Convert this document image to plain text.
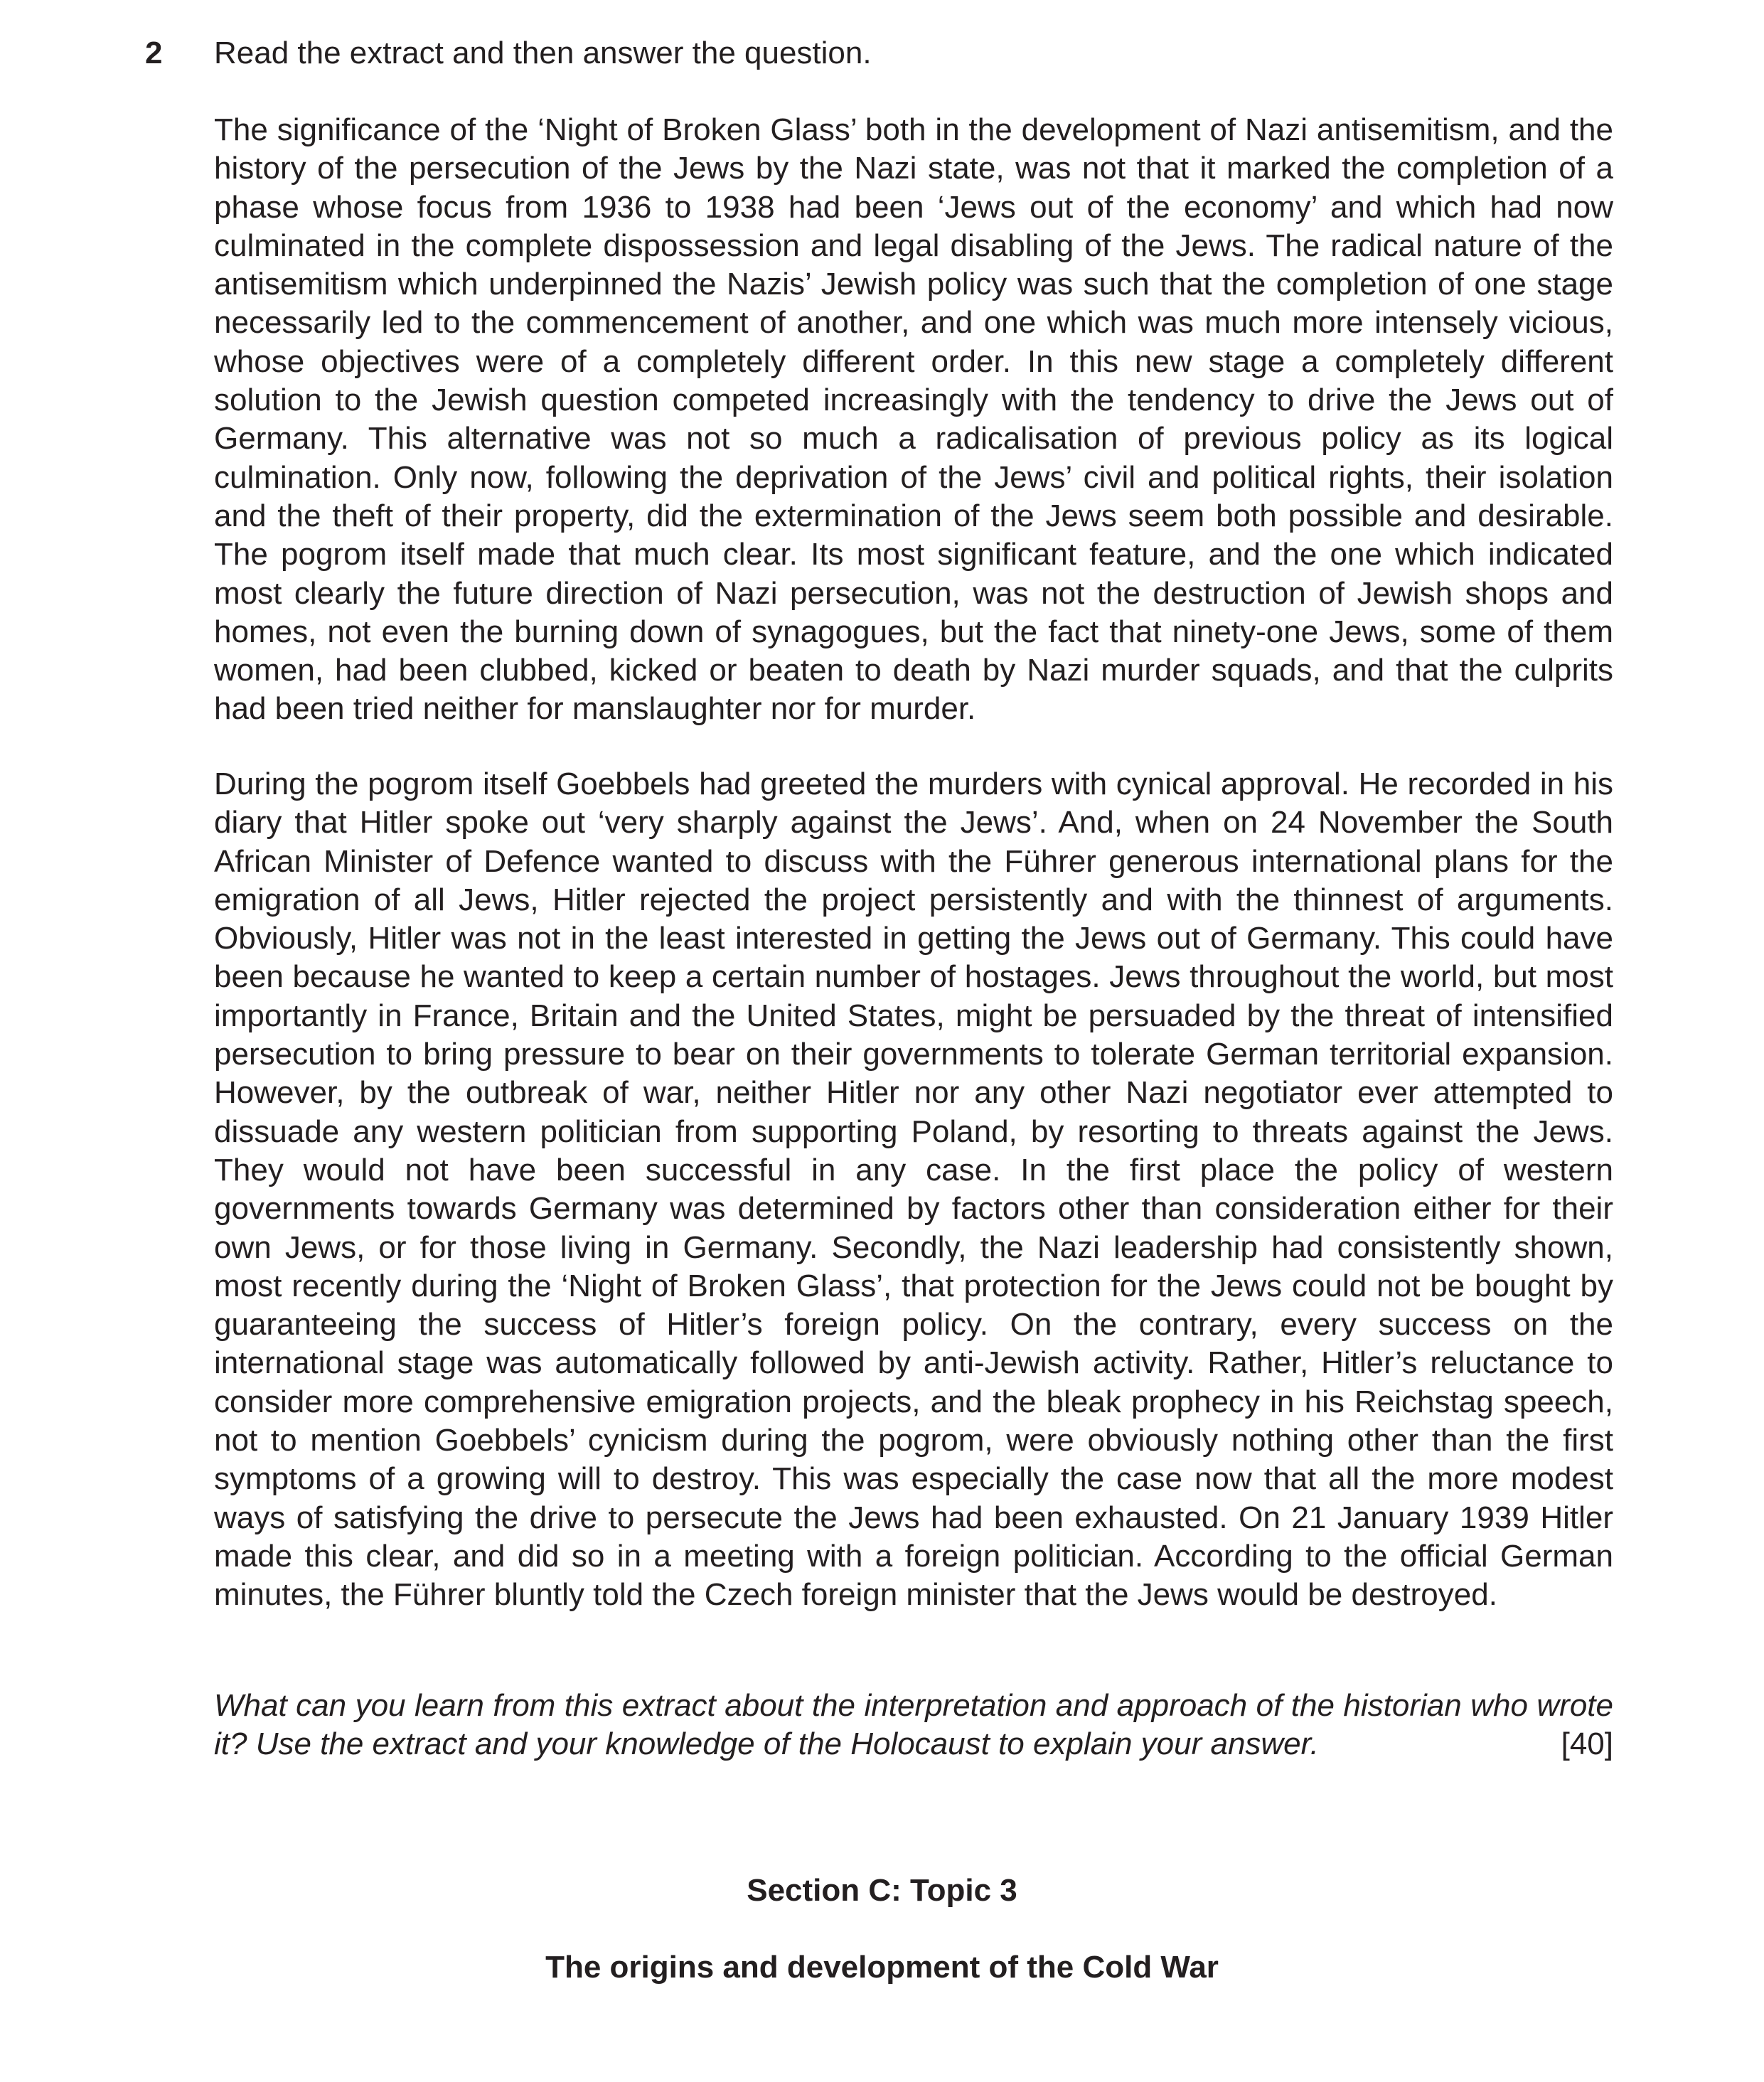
2 Read the extract and then answer the question.

The significance of the ‘Night of Broken Glass’ both in the development of Nazi antisemitism, and the history of the persecution of the Jews by the Nazi state, was not that it marked the completion of a phase whose focus from 1936 to 1938 had been ‘Jews out of the economy’ and which had now culminated in the complete dispossession and legal disabling of the Jews. The radical nature of the antisemitism which underpinned the Nazis’ Jewish policy was such that the completion of one stage necessarily led to the commencement of another, and one which was much more intensely vicious, whose objectives were of a completely different order. In this new stage a completely different solution to the Jewish question competed increasingly with the tendency to drive the Jews out of Germany. This alternative was not so much a radicalisation of previous policy as its logical culmination. Only now, following the deprivation of the Jews’ civil and political rights, their isolation and the theft of their property, did the extermination of the Jews seem both possible and desirable. The pogrom itself made that much clear. Its most significant feature, and the one which indicated most clearly the future direction of Nazi persecution, was not the destruction of Jewish shops and homes, not even the burning down of synagogues, but the fact that ninety-one Jews, some of them women, had been clubbed, kicked or beaten to death by Nazi murder squads, and that the culprits had been tried neither for manslaughter nor for murder.

During the pogrom itself Goebbels had greeted the murders with cynical approval. He recorded in his diary that Hitler spoke out ‘very sharply against the Jews’. And, when on 24 November the South African Minister of Defence wanted to discuss with the Führer generous international plans for the emigration of all Jews, Hitler rejected the project persistently and with the thinnest of arguments. Obviously, Hitler was not in the least interested in getting the Jews out of Germany. This could have been because he wanted to keep a certain number of hostages. Jews throughout the world, but most importantly in France, Britain and the United States, might be persuaded by the threat of intensified persecution to bring pressure to bear on their governments to tolerate German territorial expansion. However, by the outbreak of war, neither Hitler nor any other Nazi negotiator ever attempted to dissuade any western politician from supporting Poland, by resorting to threats against the Jews. They would not have been successful in any case. In the first place the policy of western governments towards Germany was determined by factors other than consideration either for their own Jews, or for those living in Germany. Secondly, the Nazi leadership had consistently shown, most recently during the ‘Night of Broken Glass’, that protection for the Jews could not be bought by guaranteeing the success of Hitler’s foreign policy. On the contrary, every success on the international stage was automatically followed by anti-Jewish activity. Rather, Hitler’s reluctance to consider more comprehensive emigration projects, and the bleak prophecy in his Reichstag speech, not to mention Goebbels’ cynicism during the pogrom, were obviously nothing other than the first symptoms of a growing will to destroy. This was especially the case now that all the more modest ways of satisfying the drive to persecute the Jews had been exhausted. On 21 January 1939 Hitler made this clear, and did so in a meeting with a foreign politician. According to the official German minutes, the Führer bluntly told the Czech foreign minister that the Jews would be destroyed.

What can you learn from this extract about the interpretation and approach of the historian who wrote it? Use the extract and your knowledge of the Holocaust to explain your answer.	[40]
Section C: Topic 3
The origins and development of the Cold War
